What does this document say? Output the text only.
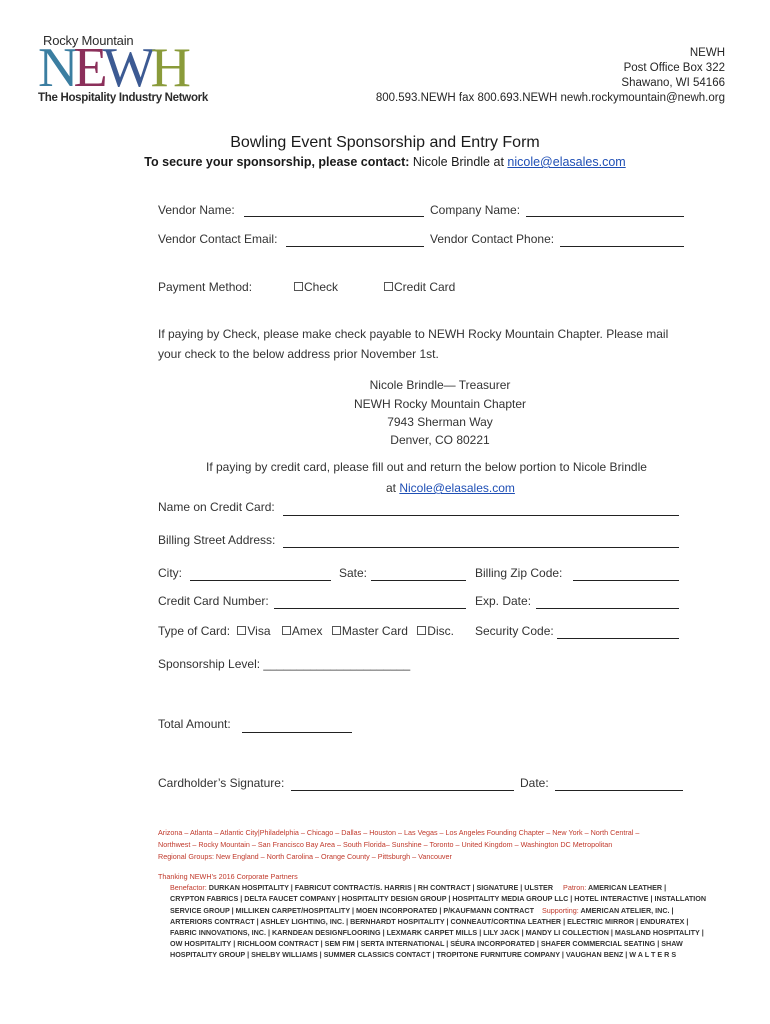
Rocky Mountain
N E W H
The Hospitality Industry Network
NEWH
Post Office Box 322
Shawano, WI 54166
800.593.NEWH fax 800.693.NEWH newh.rockymountain@newh.org
Bowling Event Sponsorship and Entry Form
To secure your sponsorship, please contact: Nicole Brindle at nicole@elasales.com
Vendor Name:	Company Name:
Vendor Contact Email:	Vendor Contact Phone:
Payment Method:	Check	Credit Card
If paying by Check, please make check payable to NEWH Rocky Mountain Chapter. Please mail
your check to the below address prior November 1st.
Nicole Brindle— Treasurer
NEWH Rocky Mountain Chapter
7943 Sherman Way
Denver, CO 80221
If paying by credit card, please fill out and return the below portion to Nicole Brindle
at Nicole@elasales.com
Name on Credit Card:
Billing Street Address:
City:	Sate:	Billing Zip Code:
Credit Card Number:	Exp. Date:
Type of Card: Visa Amex Master Card Disc. Security Code:
Sponsorship Level: ______________________
Total Amount:
Cardholder’s Signature:	Date:
Arizona – Atlanta – Atlantic City|Philadelphia – Chicago – Dallas – Houston – Las Vegas – Los Angeles Founding Chapter – New York – North Central –
Northwest – Rocky Mountain – San Francisco Bay Area – South Florida– Sunshine – Toronto – United Kingdom – Washington DC Metropolitan
Regional Groups: New England – North Carolina – Orange County – Pittsburgh – Vancouver
Thanking NEWH’s 2016 Corporate Partners
Benefactor: DURKAN HOSPITALITY | FABRICUT CONTRACT/S. HARRIS | RH CONTRACT | SIGNATURE | ULSTER Patron: AMERICAN LEATHER |
CRYPTON FABRICS | DELTA FAUCET COMPANY | HOSPITALITY DESIGN GROUP | HOSPITALITY MEDIA GROUP LLC | HOTEL INTERACTIVE | INSTALLATION
SERVICE GROUP | MILLIKEN CARPET/HOSPITALITY | MOEN INCORPORATED | P/KAUFMANN CONTRACT Supporting: AMERICAN ATELIER, INC. |
ARTERIORS CONTRACT | ASHLEY LIGHTING, INC. | BERNHARDT HOSPITALITY | CONNEAUT/CORTINA LEATHER | ELECTRIC MIRROR | ENDURATEX |
FABRIC INNOVATIONS, INC. | KARNDEAN DESIGNFLOORING | LEXMARK CARPET MILLS | LILY JACK | MANDY LI COLLECTION | MASLAND HOSPITALITY |
OW HOSPITALITY | RICHLOOM CONTRACT | SEM FIM | SERTA INTERNATIONAL | SÉURA INCORPORATED | SHAFER COMMERCIAL SEATING | SHAW
HOSPITALITY GROUP | SHELBY WILLIAMS | SUMMER CLASSICS CONTACT | TROPITONE FURNITURE COMPANY | VAUGHAN BENZ | W A L T E R S
